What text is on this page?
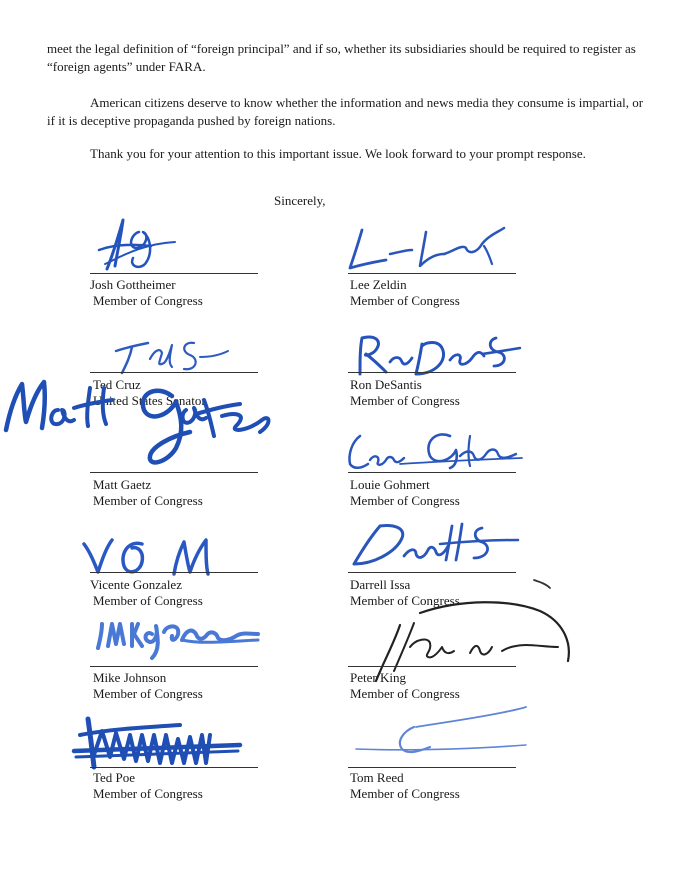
meet the legal definition of “foreign principal” and if so, whether its subsidiaries should be required to register as “foreign agents” under FARA.

American citizens deserve to know whether the information and news media they consume is impartial, or if it is deceptive propaganda pushed by foreign nations.

Thank you for your attention to this important issue. We look forward to your prompt response.

Sincerely,
Josh Gottheimer
Member of Congress
Ted Cruz
United States Senator
Matt Gaetz
Member of Congress
Vicente Gonzalez
Member of Congress
Mike Johnson
Member of Congress
Ted Poe
Member of Congress
Lee Zeldin
Member of Congress
Ron DeSantis
Member of Congress
Louie Gohmert
Member of Congress
Darrell Issa
Member of Congress
Peter King
Member of Congress
Tom Reed
Member of Congress
